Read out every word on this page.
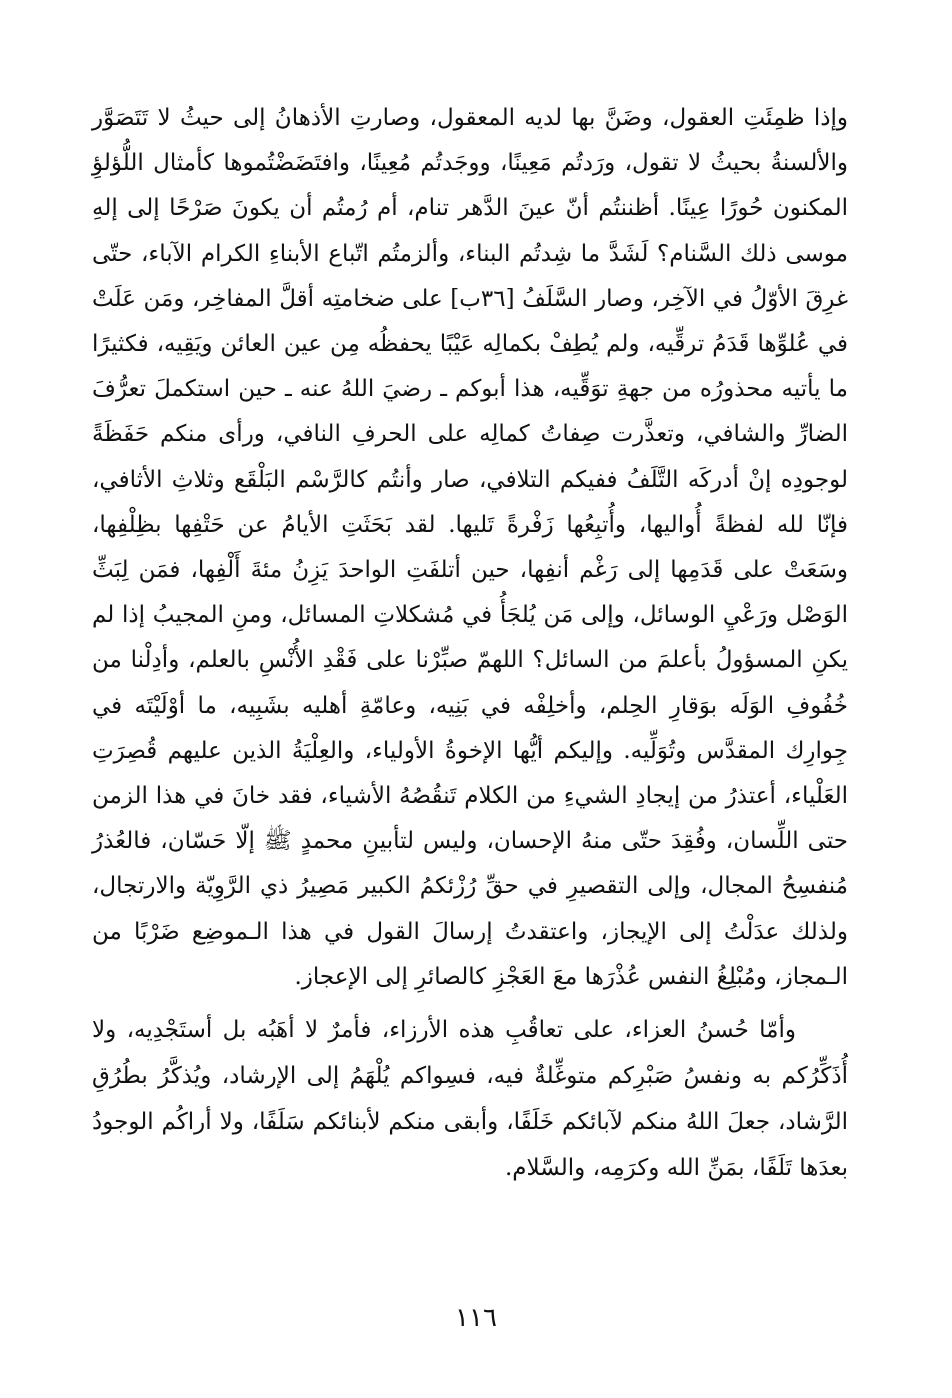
وإذا ظمِئَتِ العقول، وضَنَّ بها لديه المعقول، وصارتِ الأذهانُ إلى حيثُ لا تَتَصَوَّر والألسنةُ بحيثُ لا تقول، ورَدتُم مَعِينًا، ووجَدتُم مُعِينًا، وافتَضَضْتُموها كأمثال اللُّؤلؤِ المكنون حُورًا عِينًا. أظننتُم أنّ عينَ الدَّهر تنام، أم رُمتُم أن يكونَ صَرْحًا إلى إلهِ موسى ذلك السَّنام؟ لَشَدَّ ما شِدتُم البناء، وألزمتُم اتّباع الأبناءِ الكرام الآباء، حتّى غرِقَ الأوّلُ في الآخِر، وصار السَّلَفُ [٣٦ب] على ضخامتِه أقلَّ المفاخِر، ومَن عَلَتْ في عُلوِّها قَدَمُ ترقِّيه، ولم يُطِفْ بكمالِه عَيْبًا يحفظُه مِن عين العائن ويَقِيه، فكثيرًا ما يأتيه محذورُه من جهةِ توَقِّيه، هذا أبوكم ـ رضيَ اللهُ عنه ـ حين استكملَ تعرُّفَ الضارِّ والشافي، وتعذَّرت صِفاتُ كمالِه على الحرفِ النافي، ورأى منكم حَفَظَةً لوجودِه إنْ أدركَه التَّلَفُ ففيكم التلافي، صار وأنتُم كالرَّسْم البَلْقَع وثلاثِ الأثافي، فإنّا لله لفظةً أُواليها، وأُتبِعُها زَفْرةً تَليها. لقد بَحَثَتِ الأيامُ عن حَتْفِها بظِلْفِها، وسَعَتْ على قَدَمِها إلى رَغْم أنفِها، حين أتلفَتِ الواحدَ يَزِنُ مئةَ أَلْفِها، فمَن لِبَثِّ الوَصْل ورَعْيِ الوسائل، وإلى مَن يُلجَأُ في مُشكلاتِ المسائل، ومنِ المجيبُ إذا لم يكنِ المسؤولُ بأعلمَ من السائل؟ اللهمّ صبِّرْنا على فَقْدِ الأُنْسِ بالعلم، وأدِلْنا من خُفُوفِ الوَلَه بوَقارِ الحِلم، وأخلِفْه في بَنِيه، وعامّةِ أهليه بشَبِيه، ما أوْلَيْتَه في جِوارِك المقدَّس وتُوَلِّيه. وإليكم أيُّها الإخوةُ الأولياء، والعِلْيَةُ الذين عليهم قُصِرَتِ العَلْياء، أعتذرُ من إيجادِ الشيءِ من الكلام تَنقُصُهُ الأشياء، فقد خانَ في هذا الزمن حتى اللِّسان، وفُقِدَ حتّى منهُ الإحسان، وليس لتأبينِ محمدٍ ﷺ إلّا حَسّان، فالعُذرُ مُنفسِحُ المجال، وإلى التقصيرِ في حقِّ رُزْئكمُ الكبير مَصِيرُ ذي الرَّوِيّة والارتجال، ولذلك عدَلْتُ إلى الإيجاز، واعتقدتُ إرسالَ القول في هذا الـموضِع ضَرْبًا من الـمجاز، ومُبْلِغُ النفس عُذْرَها معَ العَجْزِ كالصائرِ إلى الإعجاز.

وأمّا حُسنُ العزاء، على تعاقُبِ هذه الأرزاء، فأمرٌ لا أهَبُه بل أستَجْدِيه، ولا أُذَكِّرُكم به ونفسُ صَبْرِكم متوغِّلةٌ فيه، فسِواكم يُلْهَمُ إلى الإرشاد، ويُذكَّرُ بطُرُقِ الرَّشاد، جعلَ اللهُ منكم لآبائكم خَلَفًا، وأبقى منكم لأبنائكم سَلَفًا، ولا أراكُم الوجودُ بعدَها تَلَفًا، بمَنِّ الله وكرَمِه، والسَّلام.

١١٦
